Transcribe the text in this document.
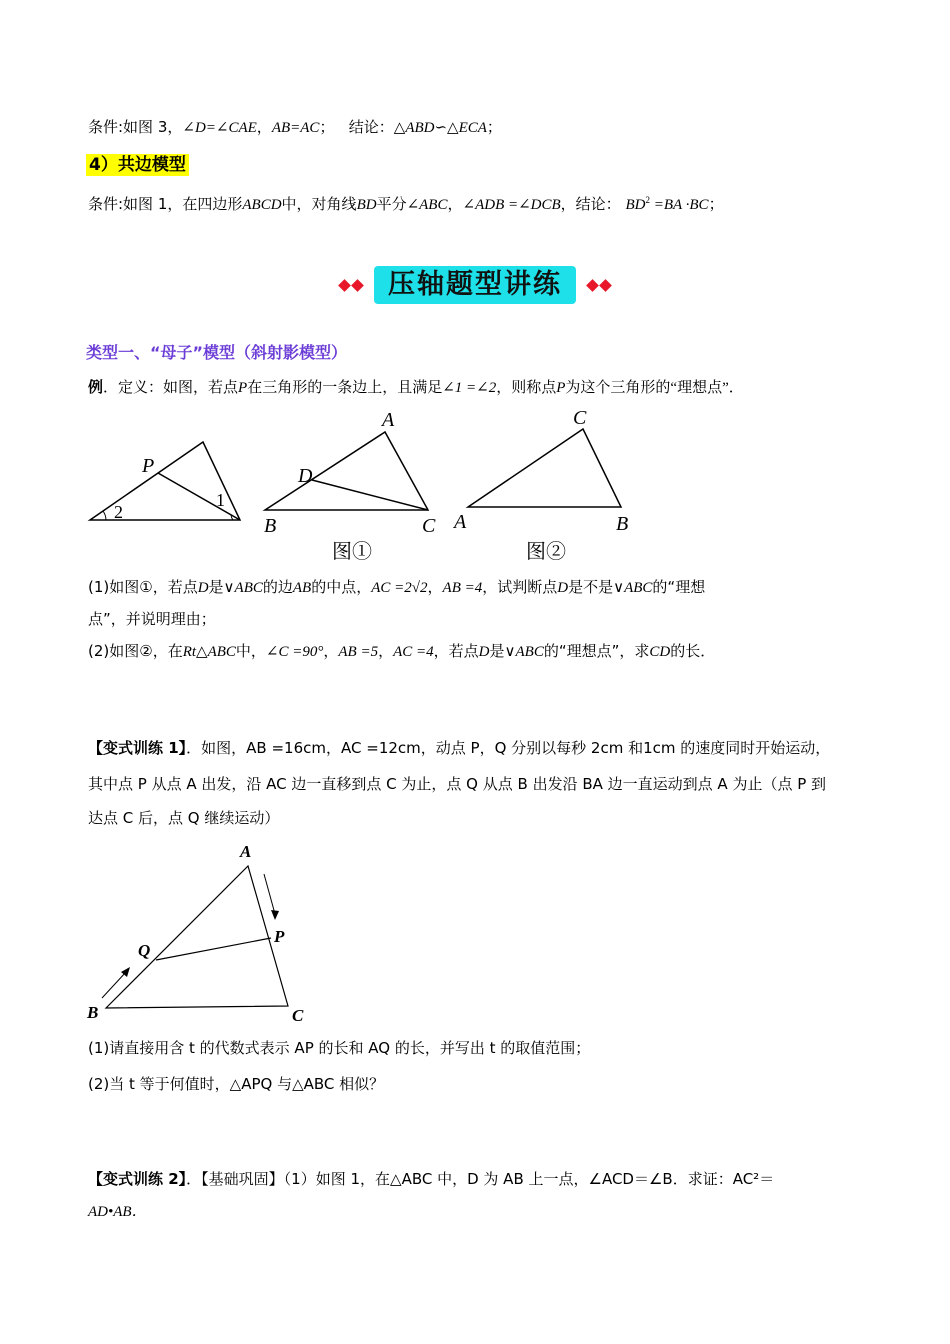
条件:如图 3，∠D=∠CAE，AB=AC； 结论：△ABD∽△ECA；
4）共边模型
条件:如图 1，在四边形ABCD中，对角线BD平分∠ABC，∠ADB =∠DCB，结论： $BD^2 =BA \cdot BC$；
压轴题型讲练
类型一、“母子”模型（斜射影模型）
例．定义：如图，若点P在三角形的一条边上，且满足∠1 =∠2，则称点P为这个三角形的“理想点”．
P
1
2
A
D
B	C
图①
C
A	B
图②
(1)如图①，若点D是∨ABC的边AB的中点，AC =2√2，AB =4，试判断点D是不是∨ABC的“理想
点”，并说明理由；
(2)如图②，在Rt△ABC中，∠C =90°，AB =5，AC =4，若点D是∨ABC的“理想点”，求CD的长．
【变式训练 1】．如图，AB =16cm，AC =12cm，动点 P，Q 分别以每秒 2cm 和1cm 的速度同时开始运动，
其中点 P 从点 A 出发，沿 AC 边一直移到点 C 为止，点 Q 从点 B 出发沿 BA 边一直运动到点 A 为止（点 P 到
达点 C 后，点 Q 继续运动）
A
P
Q
B	C
(1)请直接用含 t 的代数式表示 AP 的长和 AQ 的长，并写出 t 的取值范围；
(2)当 t 等于何值时，△APQ 与△ABC 相似？
【变式训练 2】．【基础巩固】（1）如图 1，在△ABC 中，D 为 AB 上一点，∠ACD＝∠B．求证：AC²＝
AD•AB．
